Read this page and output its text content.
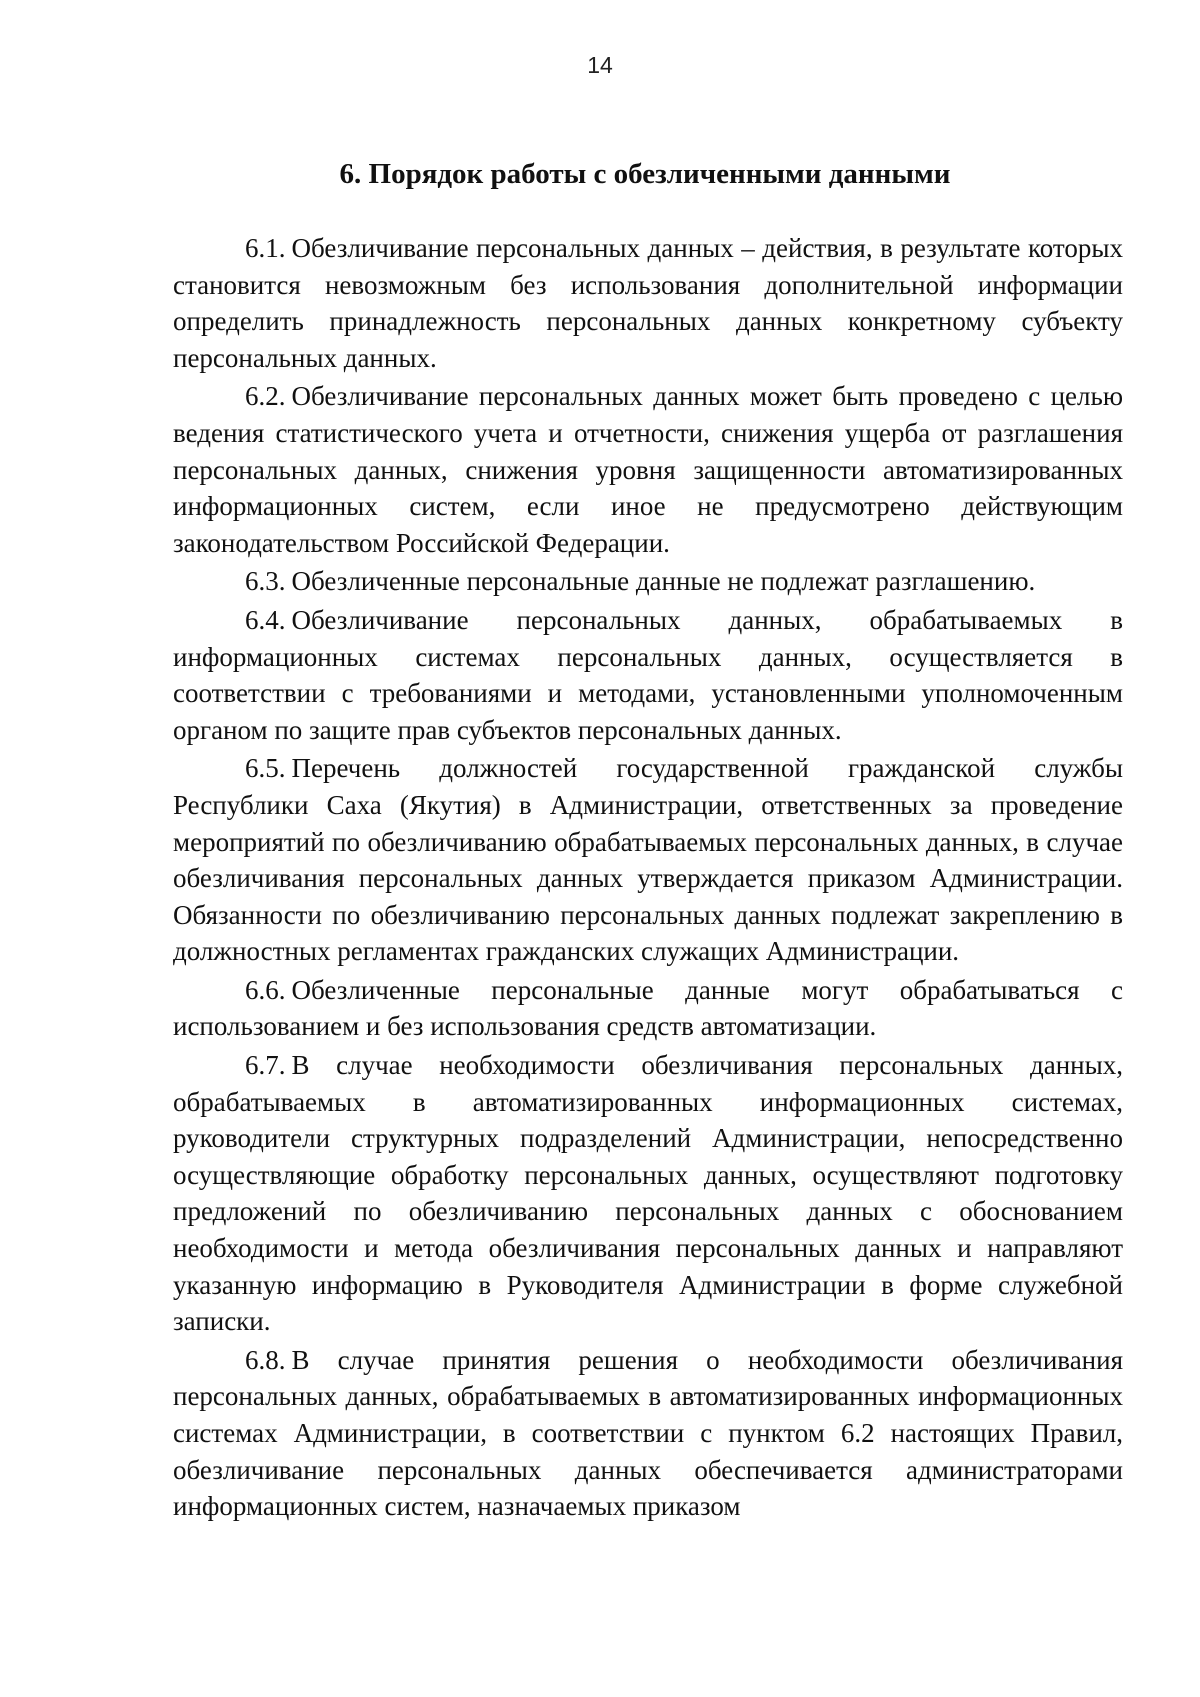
14
6. Порядок работы с обезличенными данными

6.1. Обезличивание персональных данных – действия, в результате которых становится невозможным без использования дополнительной информации определить принадлежность персональных данных конкретному субъекту персональных данных.

6.2. Обезличивание персональных данных может быть проведено с целью ведения статистического учета и отчетности, снижения ущерба от разглашения персональных данных, снижения уровня защищенности автоматизированных информационных систем, если иное не предусмотрено действующим законодательством Российской Федерации.

6.3. Обезличенные персональные данные не подлежат разглашению.

6.4. Обезличивание персональных данных, обрабатываемых в информационных системах персональных данных, осуществляется в соответствии с требованиями и методами, установленными уполномоченным органом по защите прав субъектов персональных данных.

6.5. Перечень должностей государственной гражданской службы Республики Саха (Якутия) в Администрации, ответственных за проведение мероприятий по обезличиванию обрабатываемых персональных данных, в случае обезличивания персональных данных утверждается приказом Администрации. Обязанности по обезличиванию персональных данных подлежат закреплению в должностных регламентах гражданских служащих Администрации.

6.6. Обезличенные персональные данные могут обрабатываться с использованием и без использования средств автоматизации.

6.7. В случае необходимости обезличивания персональных данных, обрабатываемых в автоматизированных информационных системах, руководители структурных подразделений Администрации, непосредственно осуществляющие обработку персональных данных, осуществляют подготовку предложений по обезличиванию персональных данных с обоснованием необходимости и метода обезличивания персональных данных и направляют указанную информацию в Руководителя Администрации в форме служебной записки.

6.8. В случае принятия решения о необходимости обезличивания персональных данных, обрабатываемых в автоматизированных информационных системах Администрации, в соответствии с пунктом 6.2 настоящих Правил, обезличивание персональных данных обеспечивается администраторами информационных систем, назначаемых приказом
